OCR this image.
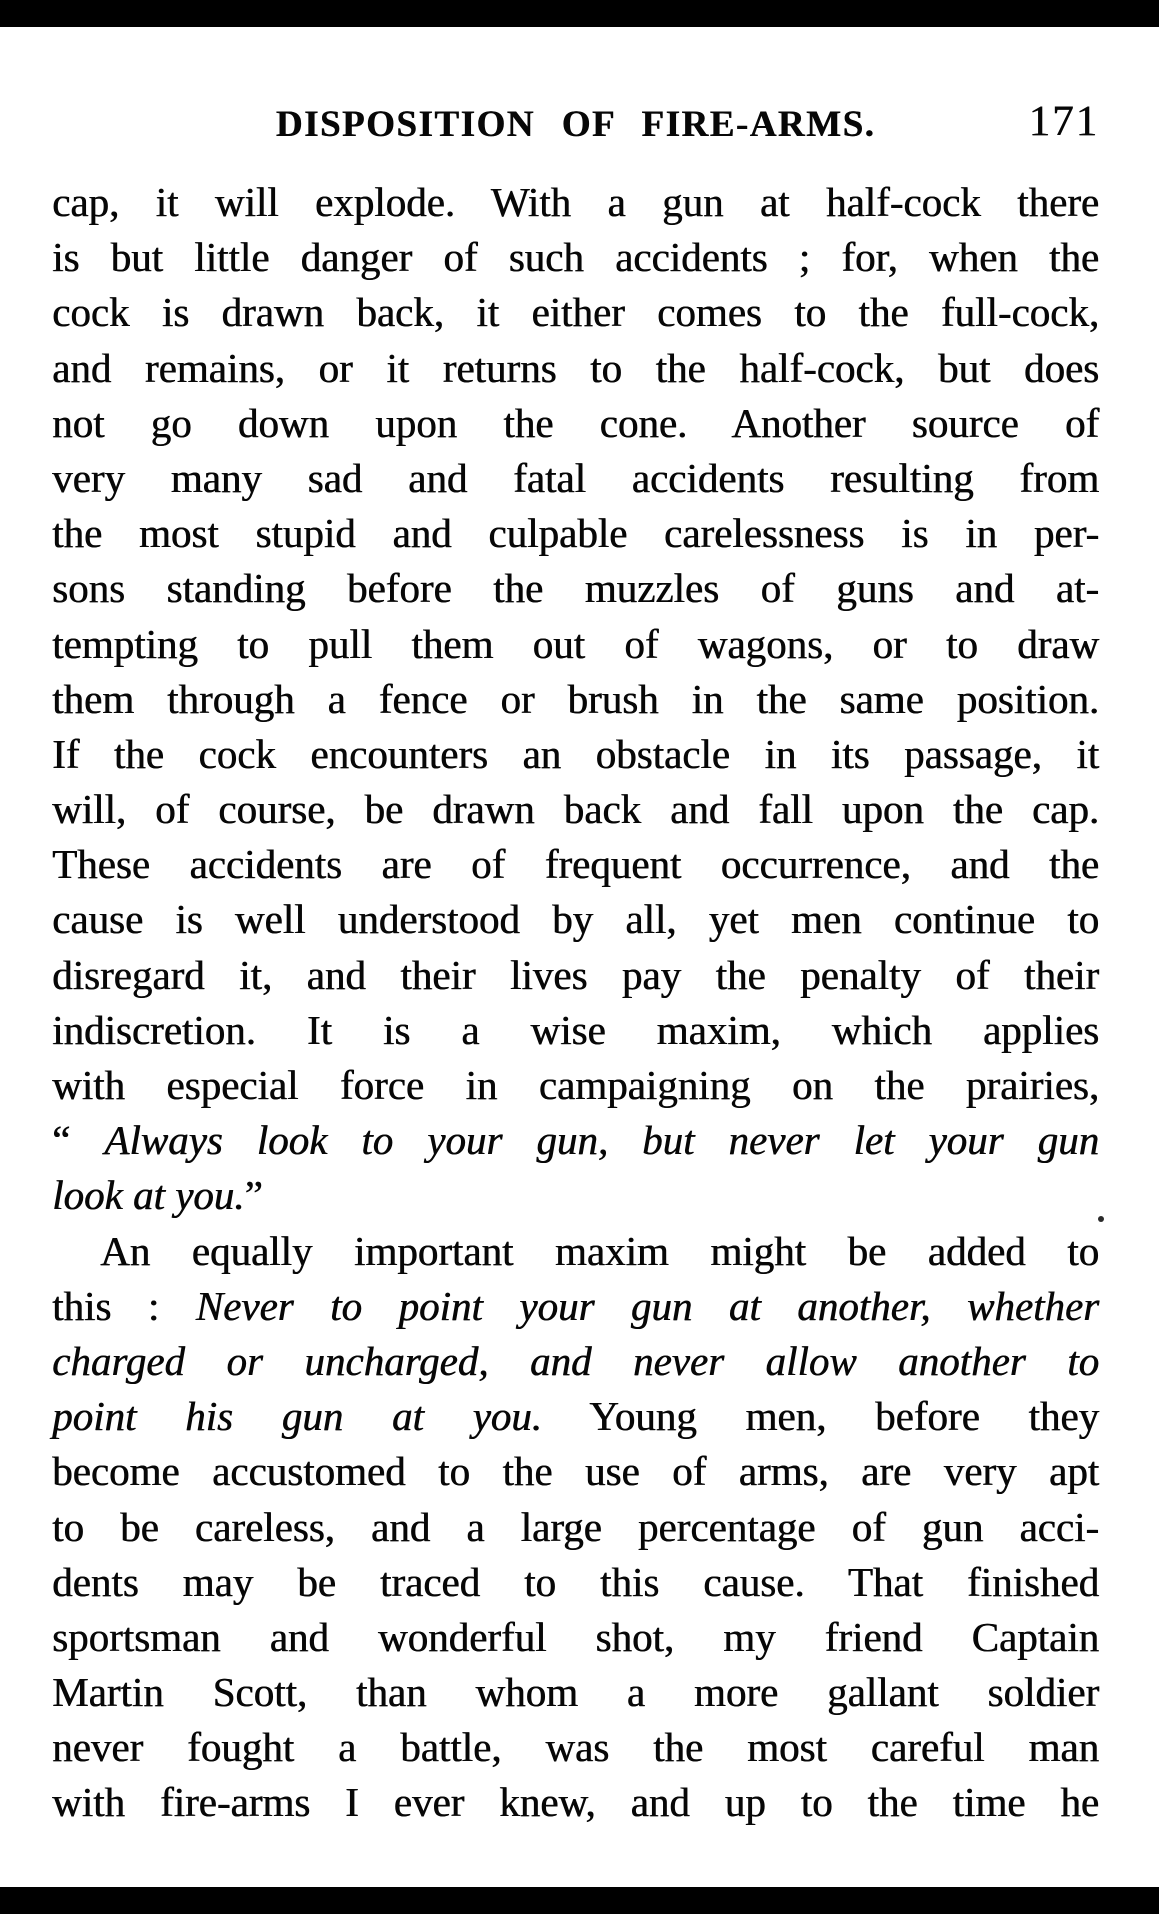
DISPOSITION OF FIRE-ARMS.	171
cap, it will explode. With a gun at half-cock there
is but little danger of such accidents ; for, when the
cock is drawn back, it either comes to the full-cock,
and remains, or it returns to the half-cock, but does
not go down upon the cone. Another source of
very many sad and fatal accidents resulting from
the most stupid and culpable carelessness is in per-
sons standing before the muzzles of guns and at-
tempting to pull them out of wagons, or to draw
them through a fence or brush in the same position.
If the cock encounters an obstacle in its passage, it
will, of course, be drawn back and fall upon the cap.
These accidents are of frequent occurrence, and the
cause is well understood by all, yet men continue to
disregard it, and their lives pay the penalty of their
indiscretion. It is a wise maxim, which applies
with especial force in campaigning on the prairies,
“ Always look to your gun, but never let your gun
look at you.”
An equally important maxim might be added to
this : Never to point your gun at another, whether
charged or uncharged, and never allow another to
point his gun at you. Young men, before they
become accustomed to the use of arms, are very apt
to be careless, and a large percentage of gun acci-
dents may be traced to this cause. That finished
sportsman and wonderful shot, my friend Captain
Martin Scott, than whom a more gallant soldier
never fought a battle, was the most careful man
with fire-arms I ever knew, and up to the time he
